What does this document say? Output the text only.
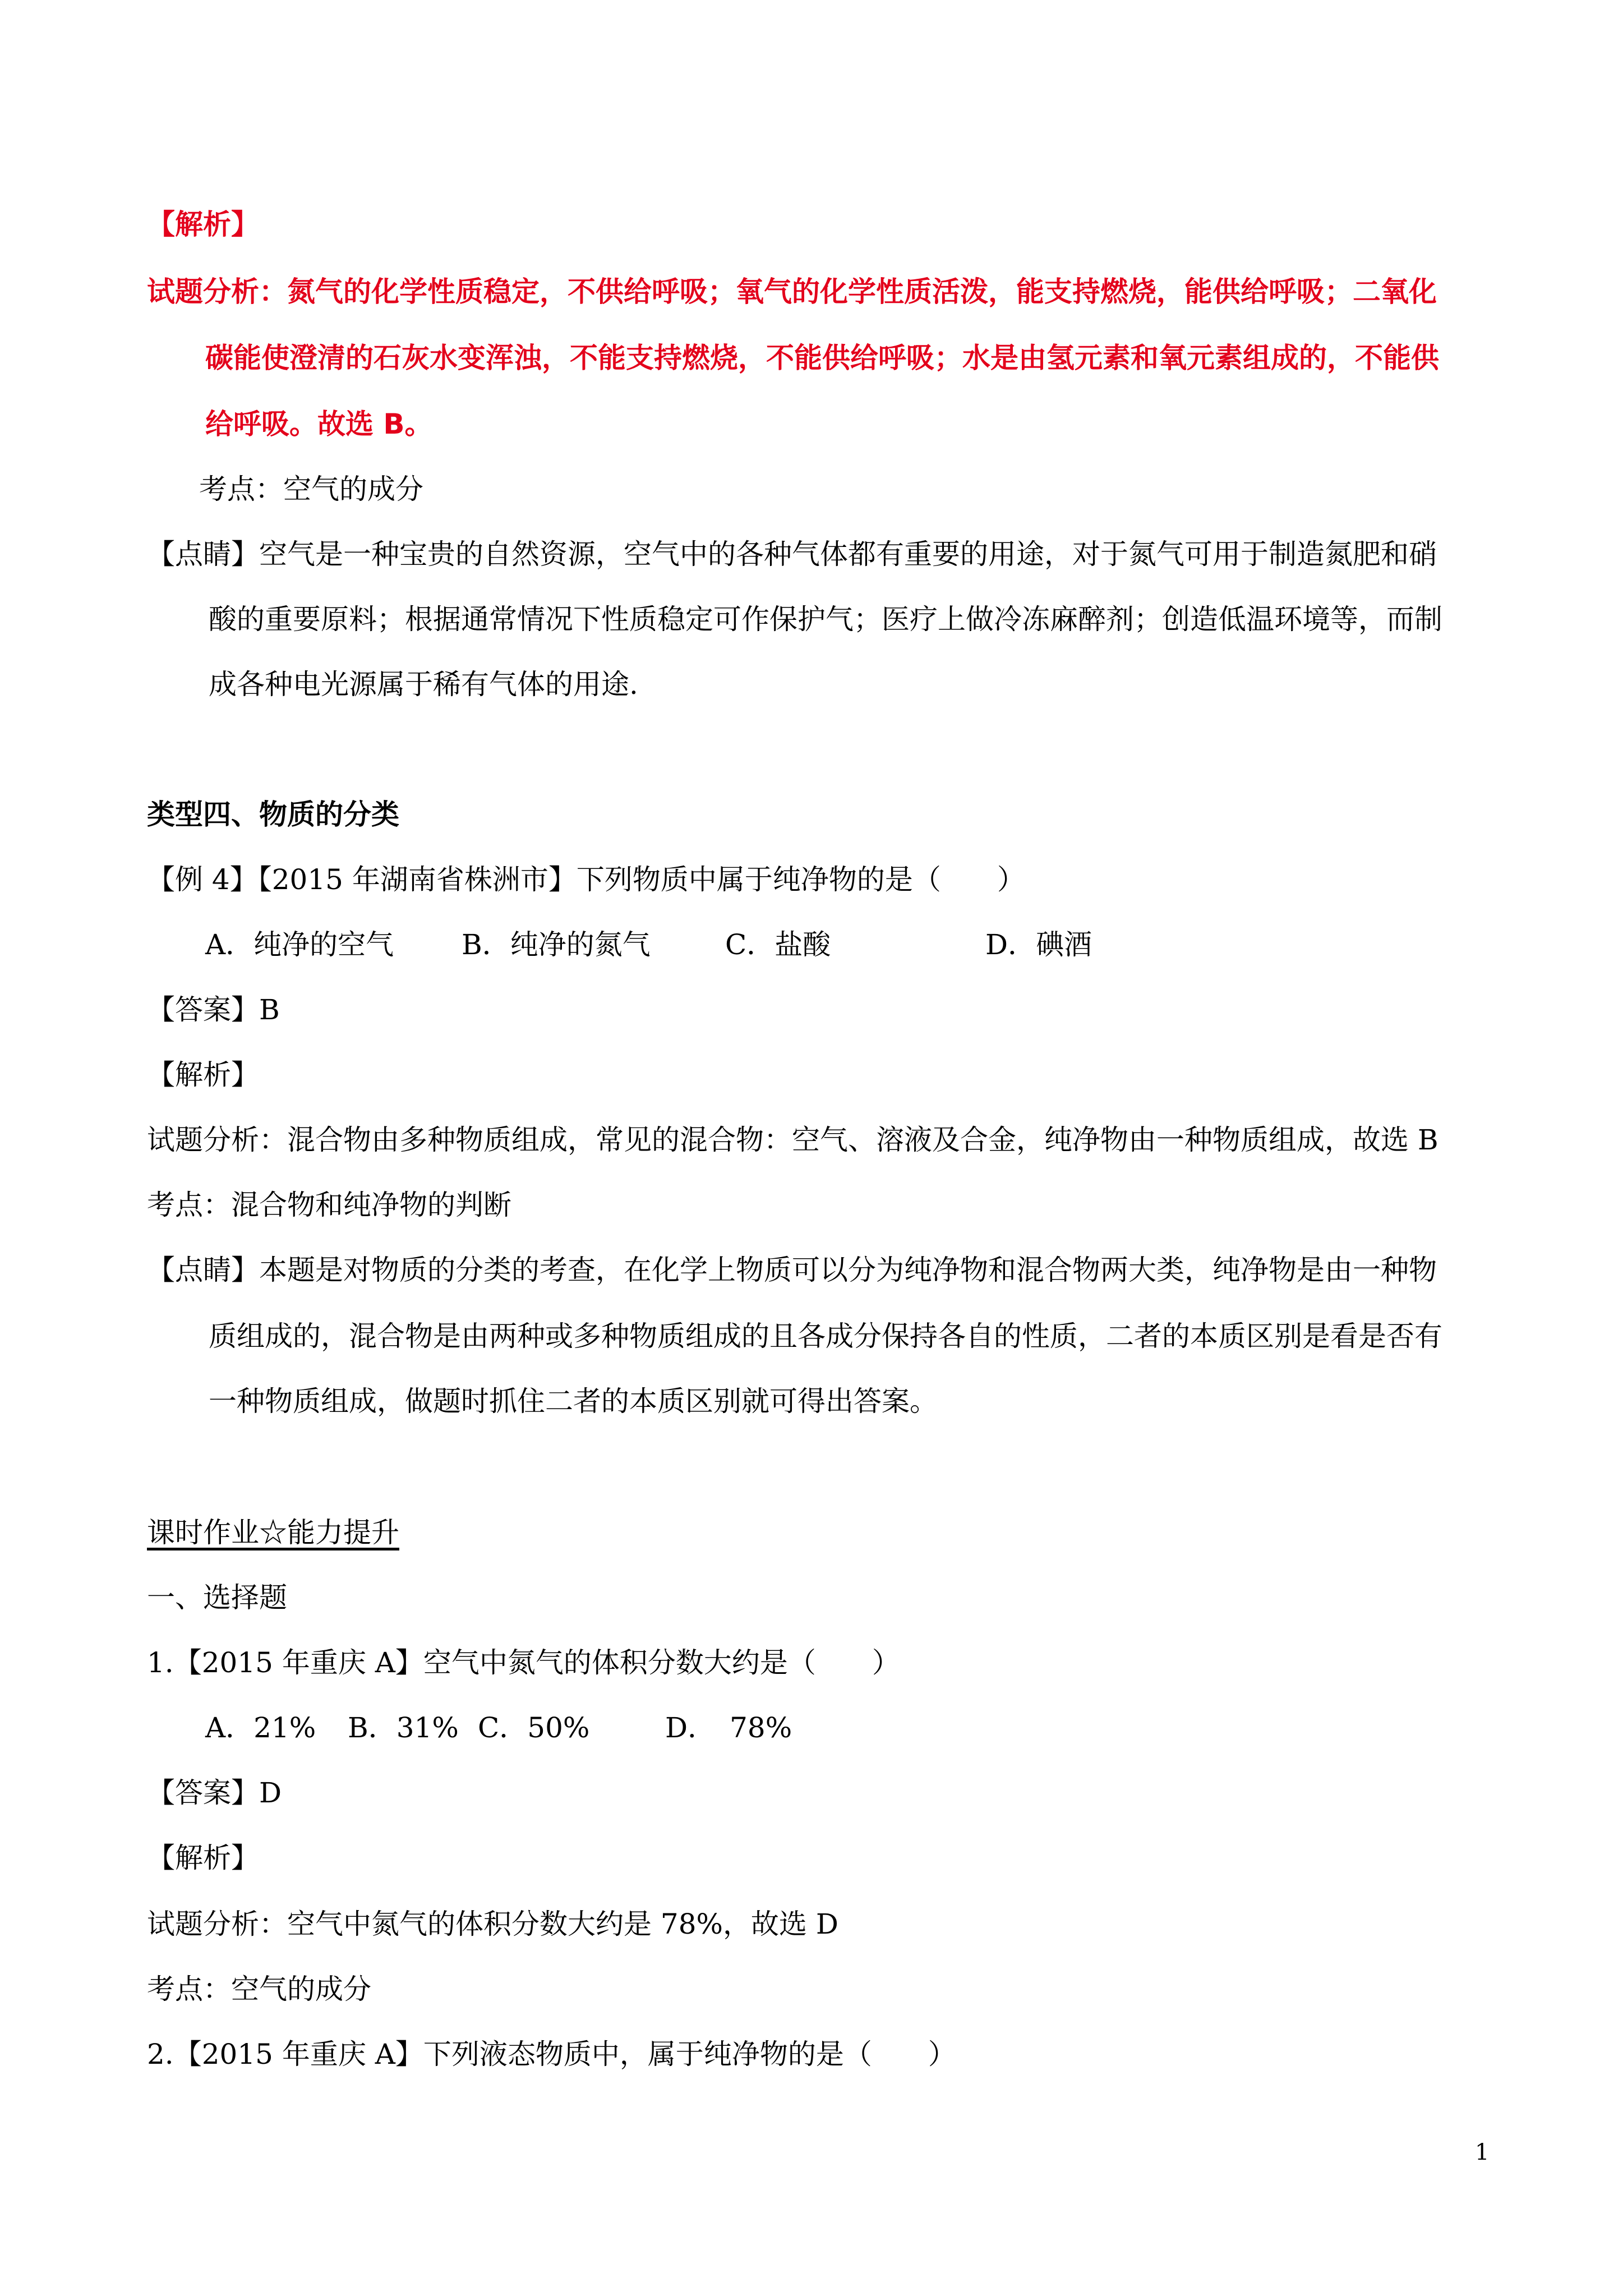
【解析】
试题分析：氮气的化学性质稳定，不供给呼吸；氧气的化学性质活泼，能支持燃烧，能供给呼吸；二氧化
碳能使澄清的石灰水变浑浊，不能支持燃烧，不能供给呼吸；水是由氢元素和氧元素组成的，不能供
给呼吸。故选 B。
考点：空气的成分
【点睛】空气是一种宝贵的自然资源，空气中的各种气体都有重要的用途，对于氮气可用于制造氮肥和硝
酸的重要原料；根据通常情况下性质稳定可作保护气；医疗上做冷冻麻醉剂；创造低温环境等，而制
成各种电光源属于稀有气体的用途.
类型四、物质的分类
【例 4】【2015 年湖南省株洲市】下列物质中属于纯净物的是（　　）
A．纯净的空气 B．纯净的氮气	C．盐酸	D．碘酒
【答案】B
【解析】
试题分析：混合物由多种物质组成，常见的混合物：空气、溶液及合金，纯净物由一种物质组成，故选 B
考点：混合物和纯净物的判断
【点睛】本题是对物质的分类的考查，在化学上物质可以分为纯净物和混合物两大类，纯净物是由一种物
质组成的，混合物是由两种或多种物质组成的且各成分保持各自的性质，二者的本质区别是看是否有
一种物质组成，做题时抓住二者的本质区别就可得出答案。
课时作业☆能力提升
一、选择题
1.【2015 年重庆 A】空气中氮气的体积分数大约是（　　）
A．21% B．31% C．50%	D．　78%
【答案】D
【解析】
试题分析：空气中氮气的体积分数大约是 78%，故选 D
考点：空气的成分
2.【2015 年重庆 A】下列液态物质中，属于纯净物的是（　　）
1
